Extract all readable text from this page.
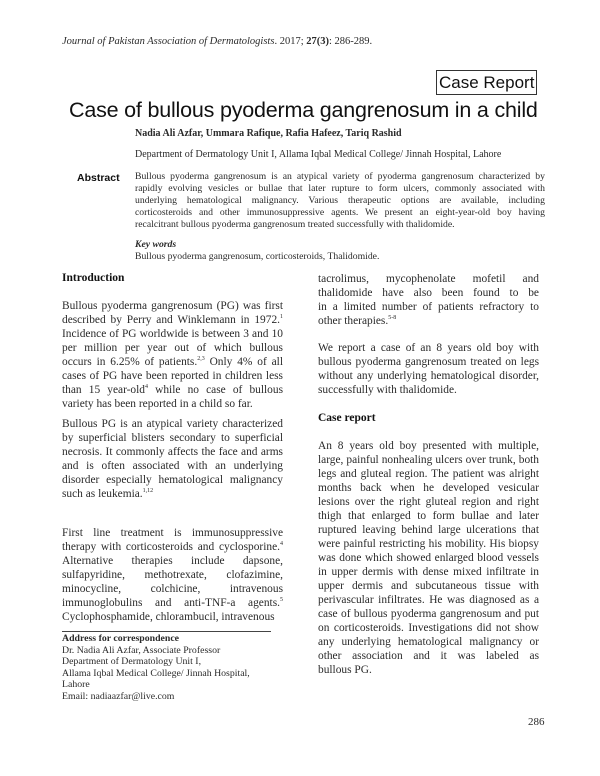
Journal of Pakistan Association of Dermatologists. 2017; 27(3): 286-289.
Case Report
Case of bullous pyoderma gangrenosum in a child
Nadia Ali Azfar, Ummara Rafique, Rafia Hafeez, Tariq Rashid
Department of Dermatology Unit I, Allama Iqbal Medical College/ Jinnah Hospital, Lahore
Abstract Bullous pyoderma gangrenosum is an atypical variety of pyoderma gangrenosum characterized by
rapidly evolving vesicles or bullae that later rupture to form ulcers, commonly associated with
underlying hematological malignancy. Various therapeutic options are available, including
corticosteroids and other immunosuppressive agents. We present an eight-year-old boy having
recalcitrant bullous pyoderma gangrenosum treated successfully with thalidomide.
Key words
Bullous pyoderma gangrenosum, corticosteroids, Thalidomide.
Introduction
Bullous pyoderma gangrenosum (PG) was first
described by Perry and Winklemann in 1972.$^1$
Incidence of PG worldwide is between 3 and 10
per million per year out of which bullous
occurs in 6.25% of patients.$^{2,3}$ Only 4% of all
cases of PG have been reported in children less
than 15 year-old$^4$ while no case of bullous
variety has been reported in a child so far.
Bullous PG is an atypical variety characterized
by superficial blisters secondary to superficial
necrosis. It commonly affects the face and arms
and is often associated with an underlying
disorder especially hematological malignancy
such as leukemia.$^{1,12}$
First line treatment is immunosuppressive
therapy with corticosteroids and cyclosporine.$^4$
Alternative therapies include dapsone,
sulfapyridine, methotrexate, clofazimine,
minocycline, colchicine, intravenous
immunoglobulins and anti-TNF-a agents.$^5$
Cyclophosphamide, chlorambucil, intravenous
Address for correspondence
Dr. Nadia Ali Azfar, Associate Professor
Department of Dermatology Unit I,
Allama Iqbal Medical College/ Jinnah Hospital,
Lahore
Email: nadiaazfar@live.com
tacrolimus, mycophenolate mofetil and
thalidomide have also been found to be
in a limited number of patients refractory to
other therapies.$^{5-8}$
We report a case of an 8 years old boy with
bullous pyoderma gangrenosum treated on legs
without any underlying hematological disorder,
successfully with thalidomide.
Case report
An 8 years old boy presented with multiple,
large, painful nonhealing ulcers over trunk, both
legs and gluteal region. The patient was alright
months back when he developed vesicular
lesions over the right gluteal region and right
thigh that enlarged to form bullae and later
ruptured leaving behind large ulcerations that
were painful restricting his mobility. His biopsy
was done which showed enlarged blood vessels
in upper dermis with dense mixed infiltrate in
upper dermis and subcutaneous tissue with
perivascular infiltrates. He was diagnosed as a
case of bullous pyoderma gangrenosum and put
on corticosteroids. Investigations did not show
any underlying hematological malignancy or
other association and it was labeled as
bullous PG.
286
